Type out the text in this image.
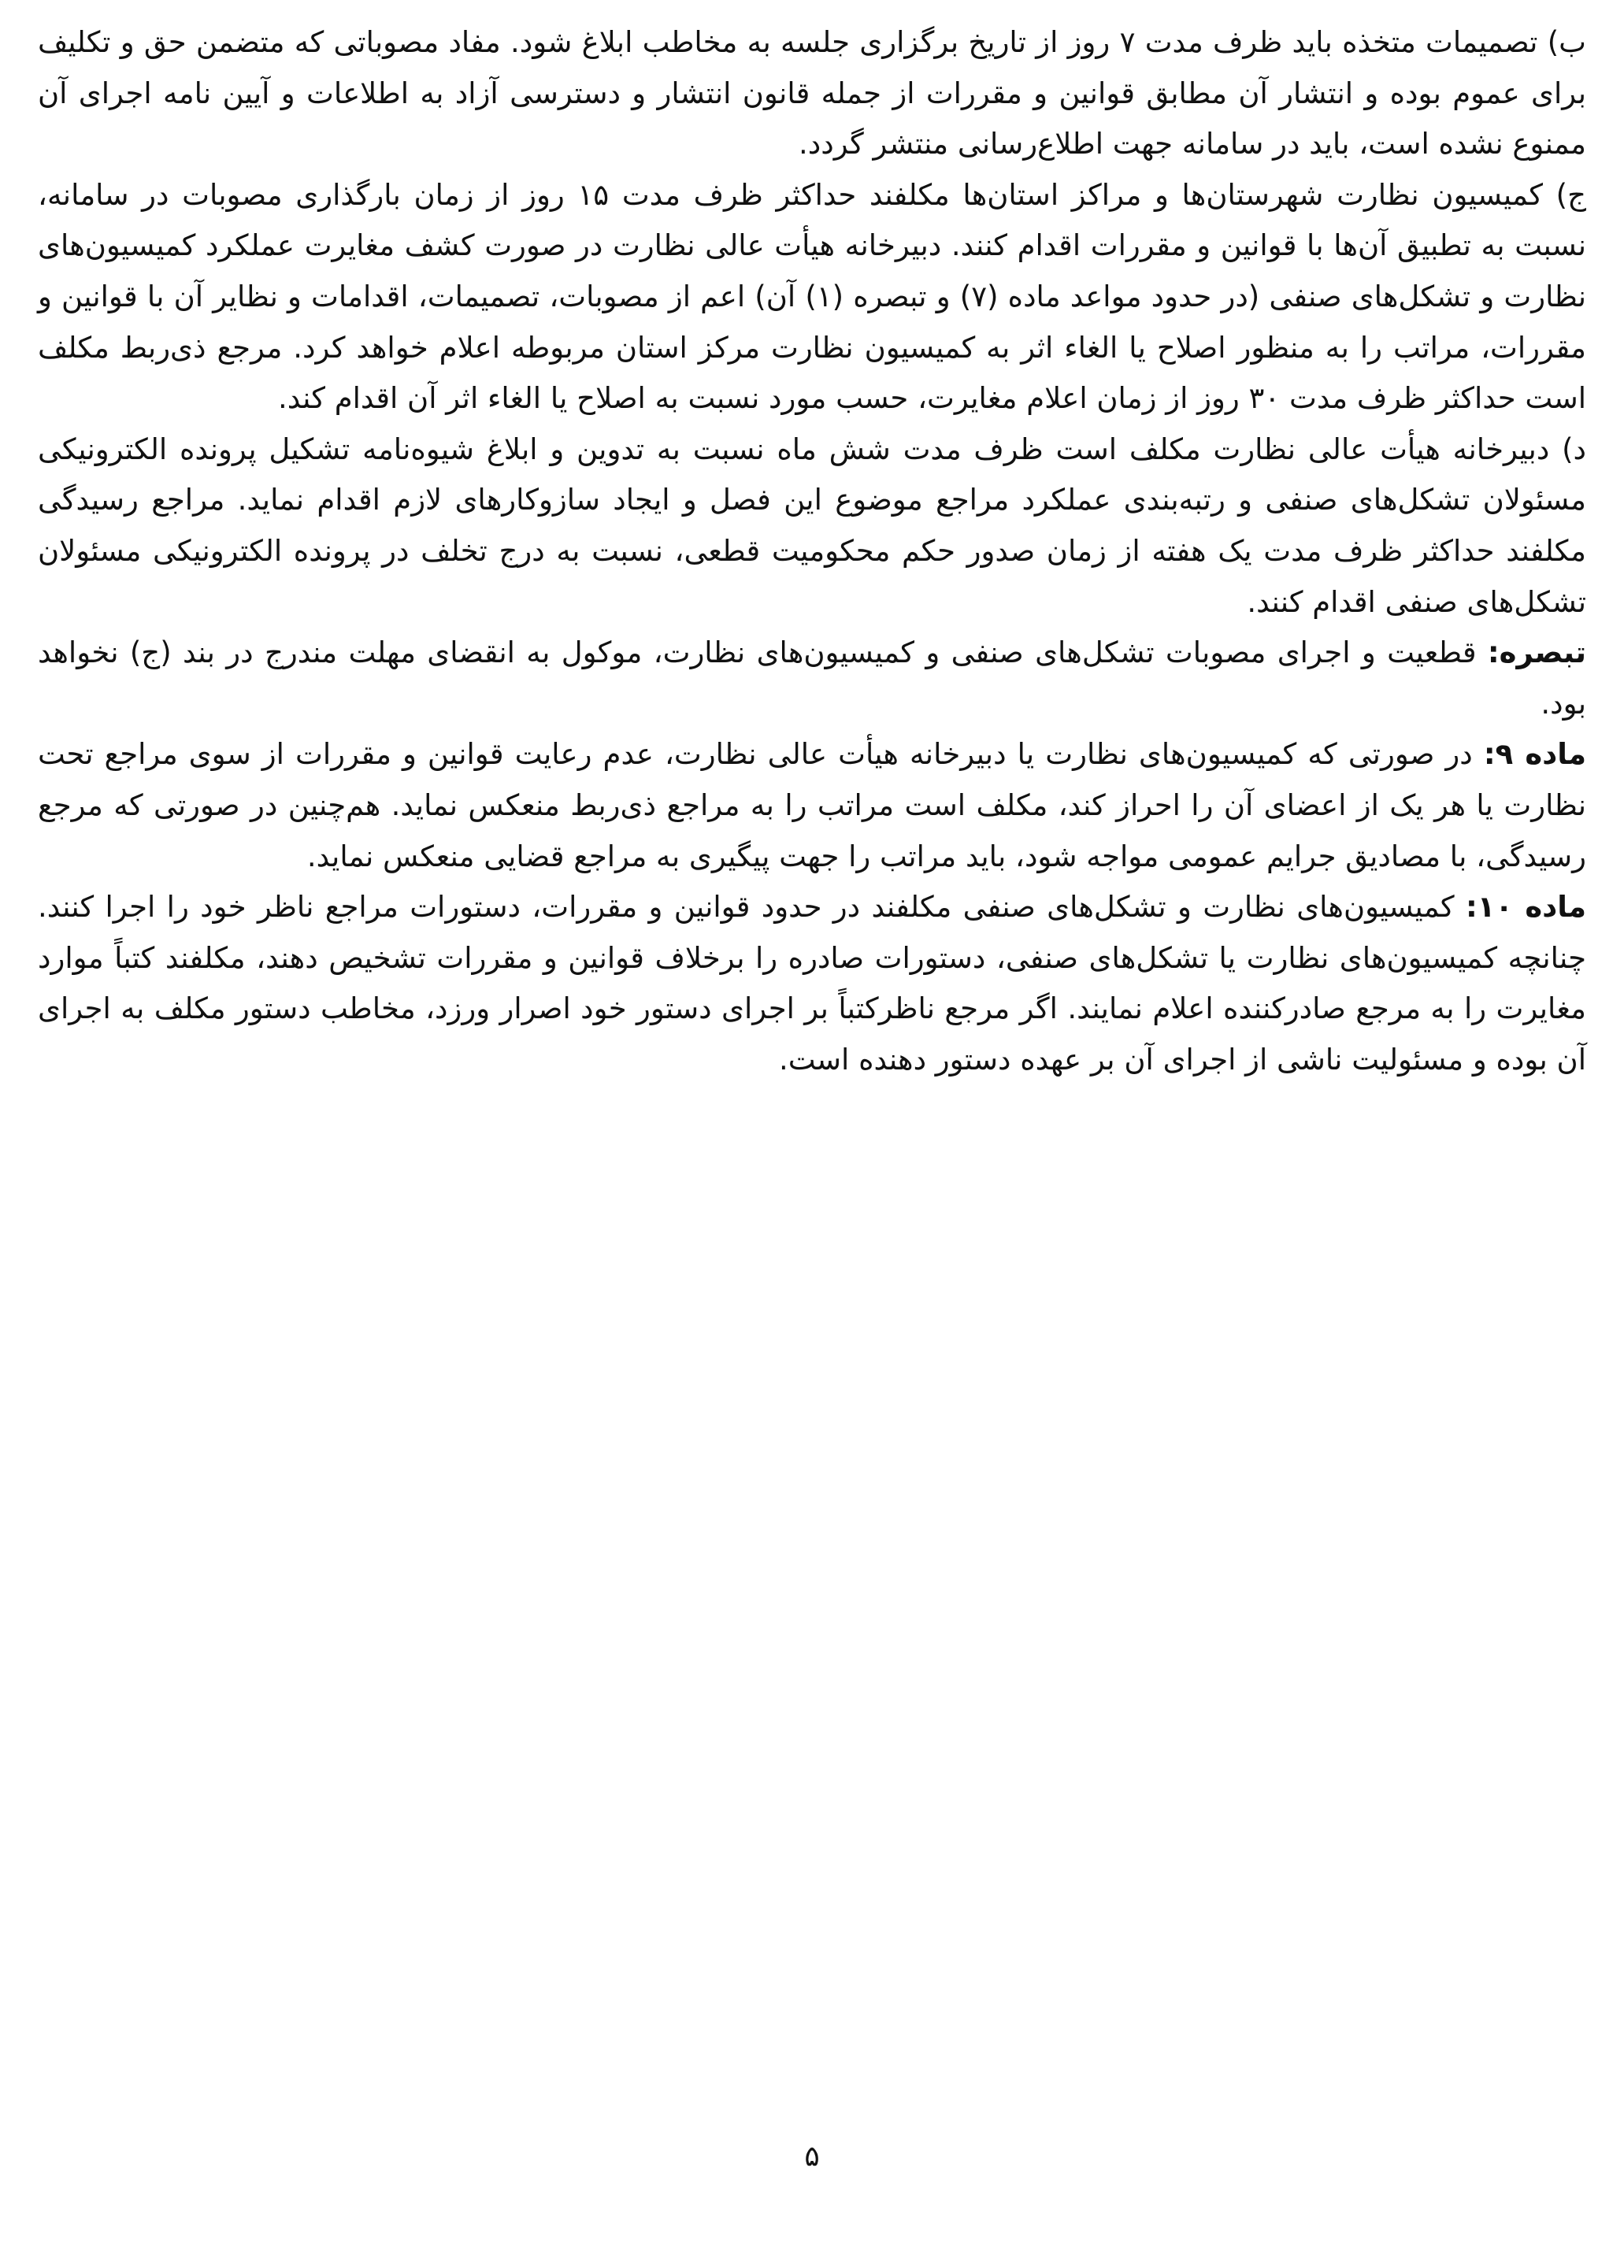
ب) تصمیمات متخذه باید ظرف مدت ۷ روز از تاریخ برگزاری جلسه به مخاطب ابلاغ شود. مفاد مصوباتی که متضمن حق و تکلیف برای عموم بوده و انتشار آن مطابق قوانین و مقررات از جمله قانون انتشار و دسترسی آزاد به اطلاعات و آیین نامه اجرای آن ممنوع نشده است، باید در سامانه جهت اطلاع‌رسانی منتشر گردد.

ج) کمیسیون نظارت شهرستان‌ها و مراکز استان‌ها مکلفند حداکثر ظرف مدت ۱۵ روز از زمان بارگذاری مصوبات در سامانه، نسبت به تطبیق آن‌ها با قوانین و مقررات اقدام کنند. دبیرخانه هیأت عالی نظارت در صورت کشف مغایرت عملکرد کمیسیون‌های نظارت و تشکل‌های صنفی (در حدود مواعد ماده (۷) و تبصره (۱) آن) اعم از مصوبات، تصمیمات، اقدامات و نظایر آن با قوانین و مقررات، مراتب را به منظور اصلاح یا الغاء اثر به کمیسیون نظارت مرکز استان مربوطه اعلام خواهد کرد. مرجع ذی‌ربط مکلف است حداکثر ظرف مدت ۳۰ روز از زمان اعلام مغایرت، حسب مورد نسبت به اصلاح یا الغاء اثر آن اقدام کند.

د) دبیرخانه هیأت عالی نظارت مکلف است ظرف مدت شش ماه نسبت به تدوین و ابلاغ شیوه‌نامه تشکیل پرونده الکترونیکی مسئولان تشکل‌های صنفی و رتبه‌بندی عملکرد مراجع موضوع این فصل و ایجاد سازوکارهای لازم اقدام نماید. مراجع رسیدگی مکلفند حداکثر ظرف مدت یک هفته از زمان صدور حکم محکومیت قطعی، نسبت به درج تخلف در پرونده الکترونیکی مسئولان تشکل‌های صنفی اقدام کنند.

تبصره: قطعیت و اجرای مصوبات تشکل‌های صنفی و کمیسیون‌های نظارت، موکول به انقضای مهلت مندرج در بند (ج) نخواهد بود.

ماده ۹: در صورتی که کمیسیون‌های نظارت یا دبیرخانه هیأت عالی نظارت، عدم رعایت قوانین و مقررات از سوی مراجع تحت نظارت یا هر یک از اعضای آن را احراز کند، مکلف است مراتب را به مراجع ذی‌ربط منعکس نماید. هم‌چنین در صورتی که مرجع رسیدگی، با مصادیق جرایم عمومی مواجه شود، باید مراتب را جهت پیگیری به مراجع قضایی منعکس نماید.

ماده ۱۰: کمیسیون‌های نظارت و تشکل‌های صنفی مکلفند در حدود قوانین و مقررات، دستورات مراجع ناظر خود را اجرا کنند. چنانچه کمیسیون‌های نظارت یا تشکل‌های صنفی، دستورات صادره را برخلاف قوانین و مقررات تشخیص دهند، مکلفند کتباً موارد مغایرت را به مرجع صادرکننده اعلام نمایند. اگر مرجع ناظرکتباً بر اجرای دستور خود اصرار ورزد، مخاطب دستور مکلف به اجرای آن بوده و مسئولیت ناشی از اجرای آن بر عهده دستور دهنده است.

۵
